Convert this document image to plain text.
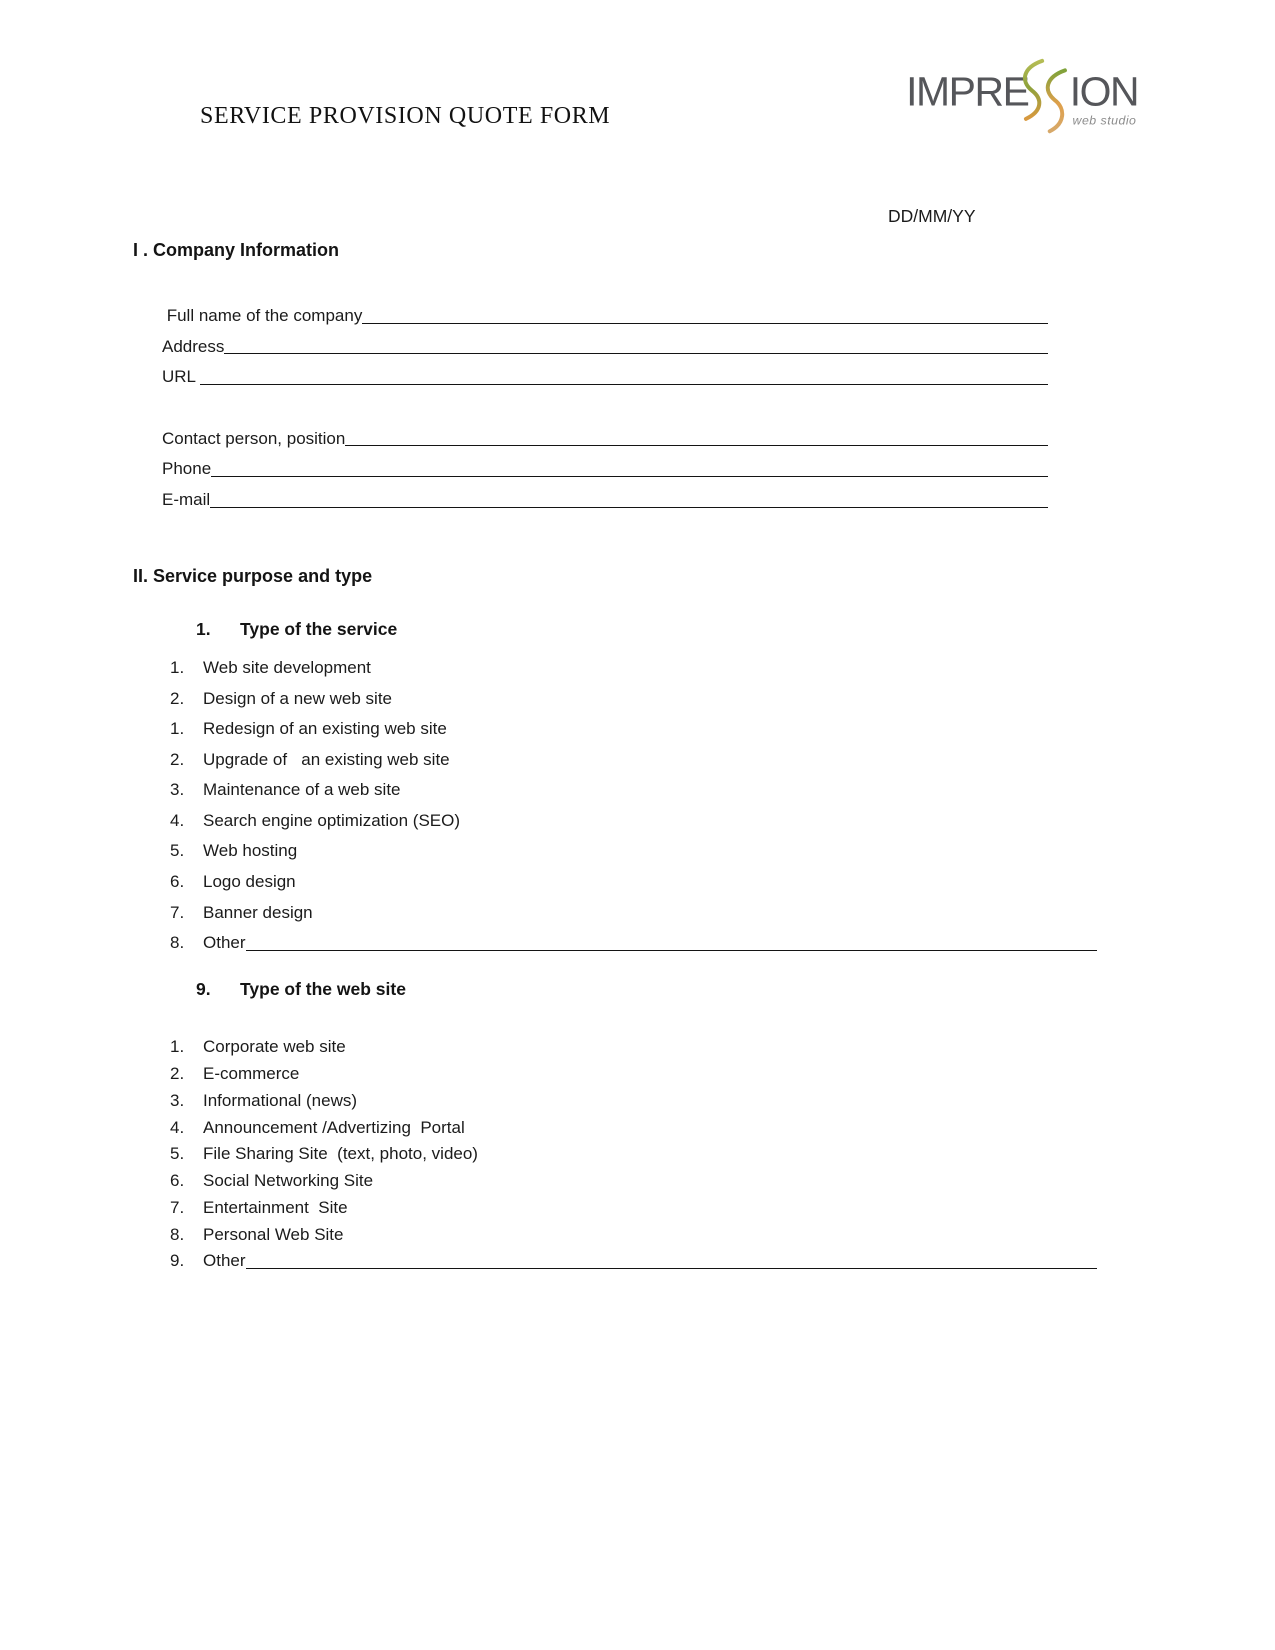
SERVICE PROVISION QUOTE FORM
IMPRE ION
web studio
DD/MM/YY
I . Company Information
Full name of the company
Address
URL
Contact person, position
Phone
E-mail
II. Service purpose and type
1.	Type of the service
1.	Web site development
2.	Design of a new web site
1.	Redesign of an existing web site
2.	Upgrade of   an existing web site
3.	Maintenance of a web site
4.	Search engine optimization (SEO)
5.	Web hosting
6.	Logo design
7.	Banner design
8.	Other
9.	Type of the web site
1.	Corporate web site
2.	E-commerce
3.	Informational (news)
4.	Announcement /Advertizing  Portal
5.	File Sharing Site  (text, photo, video)
6.	Social Networking Site
7.	Entertainment  Site
8.	Personal Web Site
9.	Other
